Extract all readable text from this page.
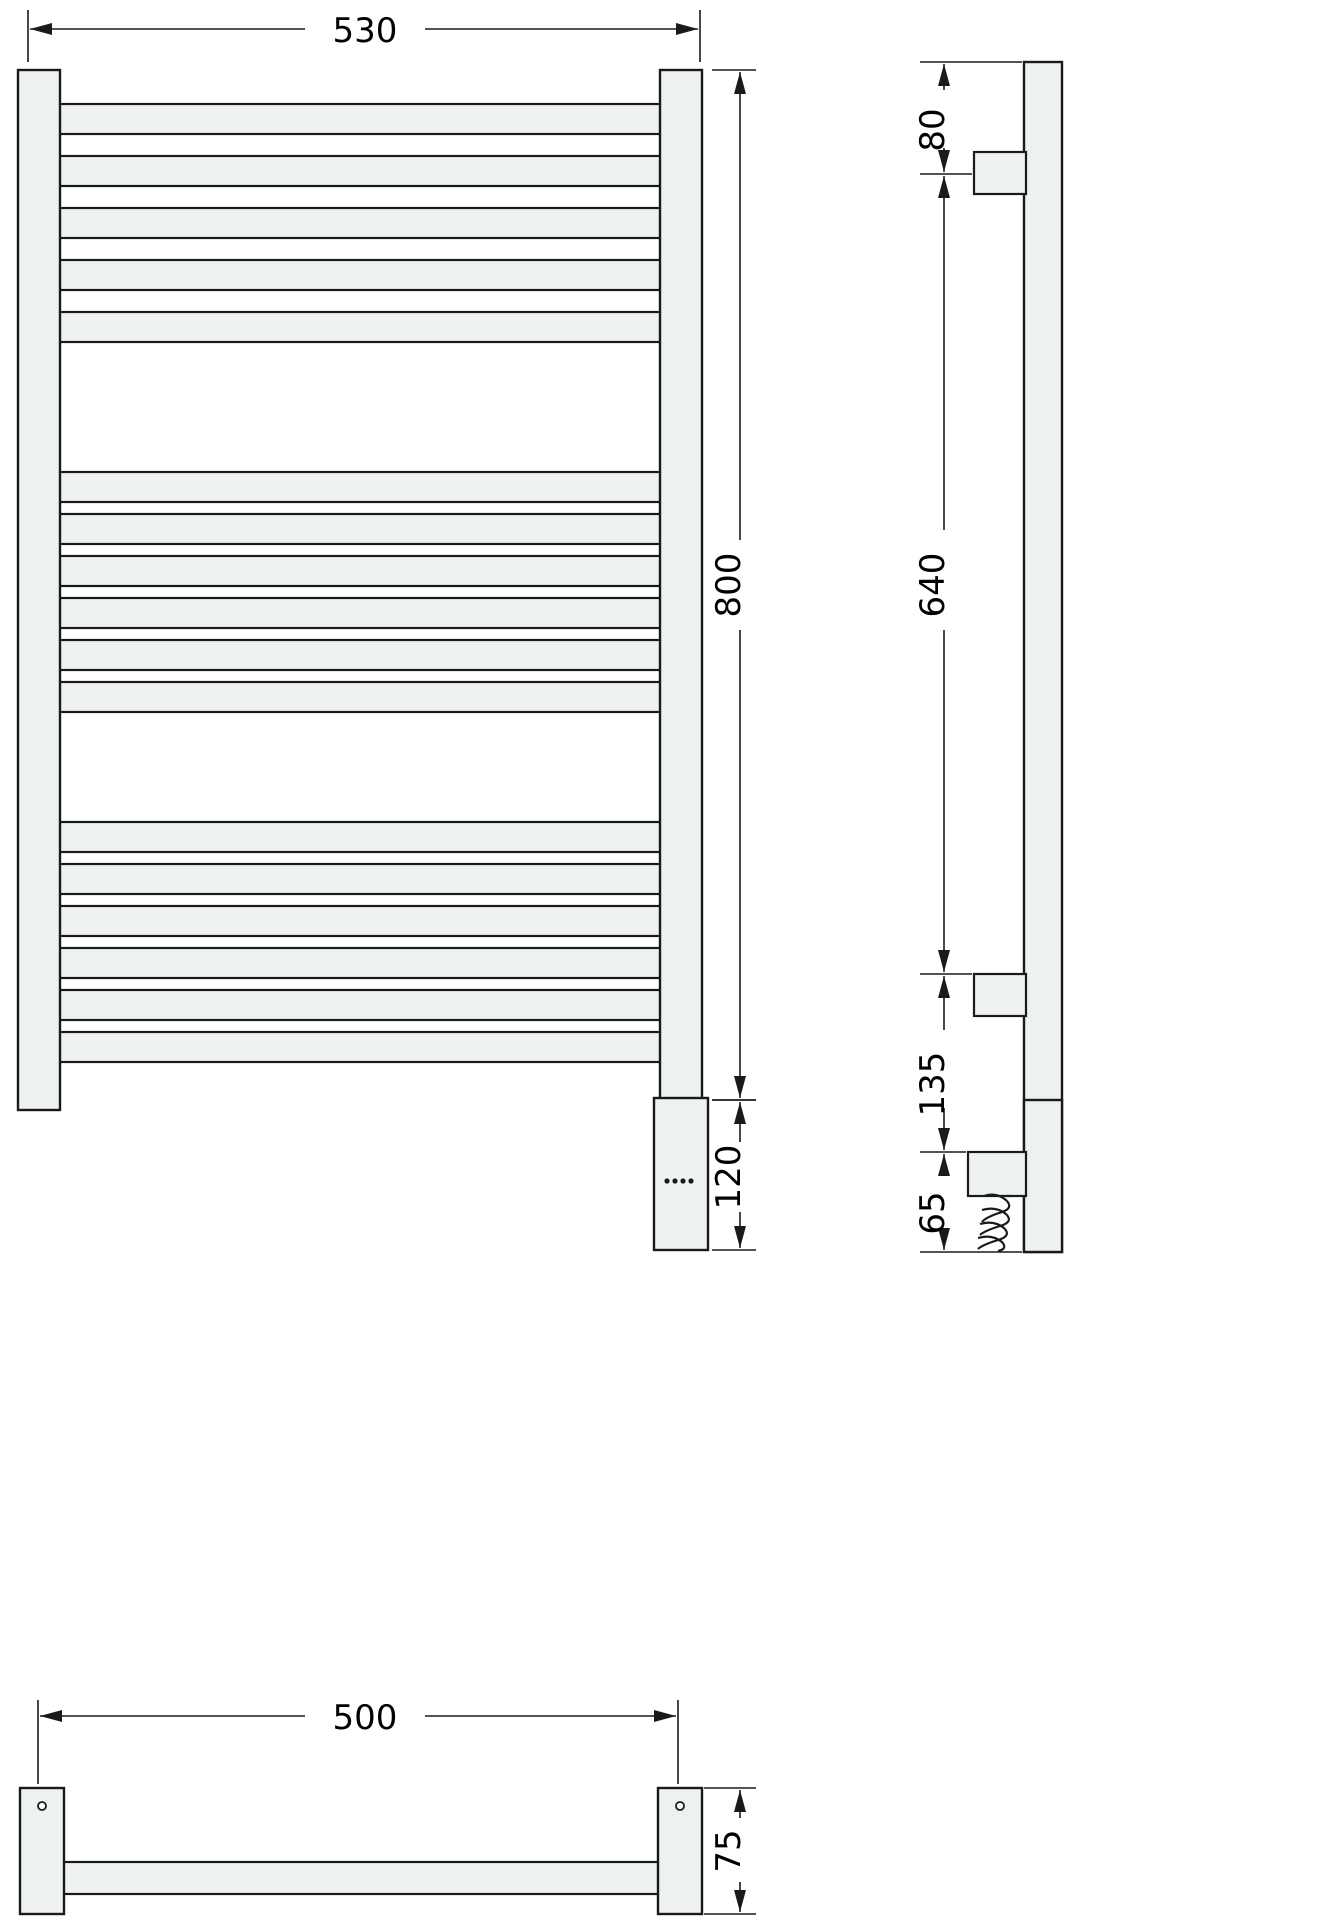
530
800
120
80
640
135
65
500
75
